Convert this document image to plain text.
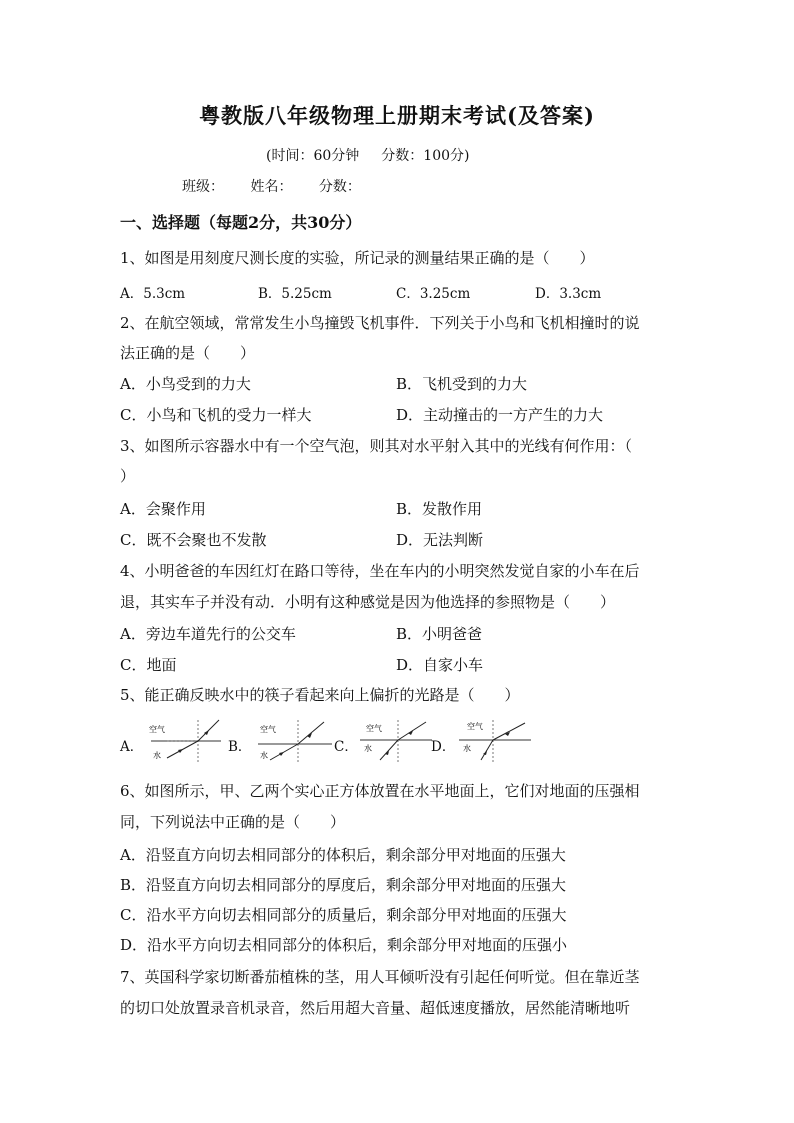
粤教版八年级物理上册期末考试(及答案)
(时间：60分钟 分数：100分)
班级： 姓名： 分数：
一、选择题（每题2分，共30分）
1、如图是用刻度尺测长度的实验，所记录的测量结果正确的是（　　）
A．5.3cm	B．5.25cm	C．3.25cm	D．3.3cm
2、在航空领域，常常发生小鸟撞毁飞机事件．下列关于小鸟和飞机相撞时的说
法正确的是（　　）
A．小鸟受到的力大	B．飞机受到的力大
C．小鸟和飞机的受力一样大	D．主动撞击的一方产生的力大
3、如图所示容器水中有一个空气泡，则其对水平射入其中的光线有何作用：（
）
A．会聚作用	B．发散作用
C．既不会聚也不发散	D．无法判断
4、小明爸爸的车因红灯在路口等待，坐在车内的小明突然发觉自家的小车在后
退，其实车子并没有动．小明有这种感觉是因为他选择的参照物是（　　）
A．旁边车道先行的公交车	B．小明爸爸
C．地面	D．自家小车
5、能正确反映水中的筷子看起来向上偏折的光路是（　　）
A．
空气
水
B．
空气
水
C．
空气
水	D．
空气
水
6、如图所示，甲、乙两个实心正方体放置在水平地面上，它们对地面的压强相
同，下列说法中正确的是（　　）
A．沿竖直方向切去相同部分的体积后，剩余部分甲对地面的压强大
B．沿竖直方向切去相同部分的厚度后，剩余部分甲对地面的压强大
C．沿水平方向切去相同部分的质量后，剩余部分甲对地面的压强大
D．沿水平方向切去相同部分的体积后，剩余部分甲对地面的压强小
7、英国科学家切断番茄植株的茎，用人耳倾听没有引起任何听觉。但在靠近茎
的切口处放置录音机录音，然后用超大音量、超低速度播放，居然能清晰地听
